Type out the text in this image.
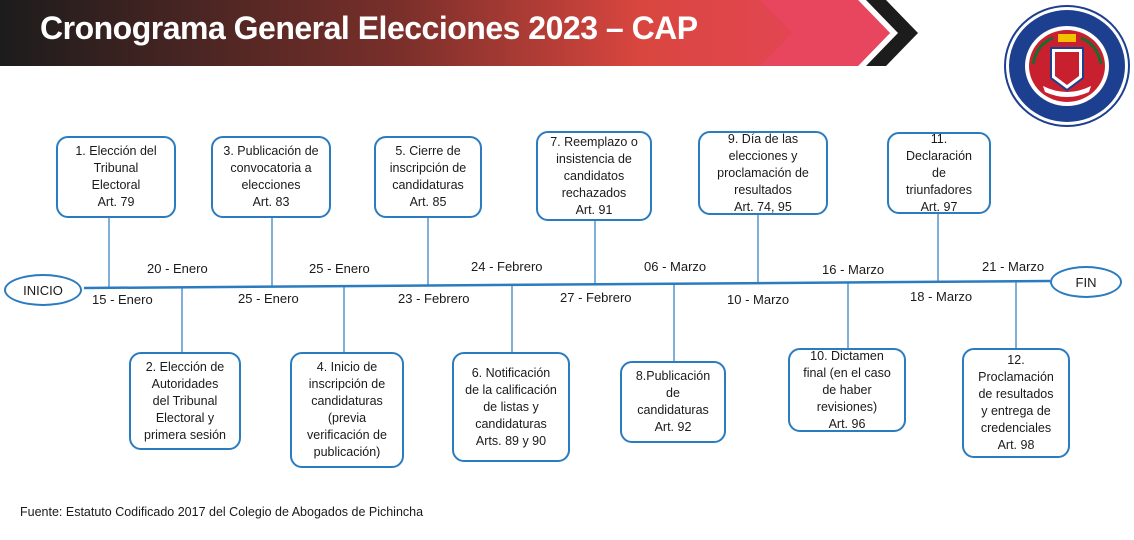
Cronograma General Elecciones 2023 – CAP
INICIO
FIN
1. Elección del
Tribunal
Electoral
Art. 79
20 - Enero
3. Publicación de
convocatoria a
elecciones
Art. 83
25 - Enero
5. Cierre de
inscripción de
candidaturas
Art. 85
24 - Febrero
7. Reemplazo o
insistencia de
candidatos
rechazados
Art. 91
06 - Marzo
9. Día de las
elecciones y
proclamación de
resultados
Art. 74, 95
16 - Marzo
11.
Declaración
de
triunfadores
Art. 97
21 - Marzo
2. Elección de
Autoridades
del Tribunal
Electoral y
primera sesión
15 - Enero
4. Inicio de
inscripción de
candidaturas
(previa
verificación de
publicación)
25 - Enero
6. Notificación
de la calificación
de listas y
candidaturas
Arts. 89 y 90
23 - Febrero
8.Publicación
de
candidaturas
Art. 92
27 - Febrero
10. Dictamen
final (en el caso
de haber
revisiones)
Art. 96
10 - Marzo
12.
Proclamación
de resultados
y entrega de
credenciales
Art. 98
18 - Marzo
Fuente: Estatuto Codificado 2017 del Colegio de Abogados de Pichincha
